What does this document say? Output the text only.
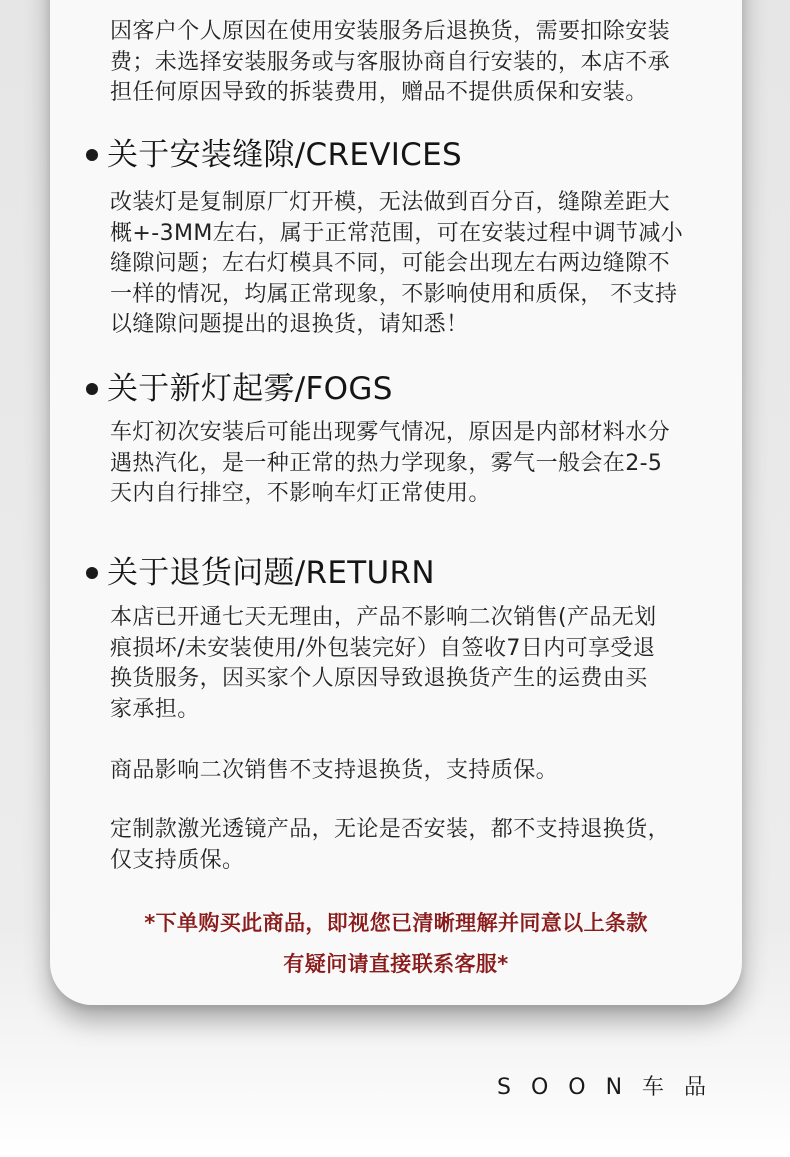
因客户个人原因在使用安装服务后退换货，需要扣除安装
费；未选择安装服务或与客服协商自行安装的，本店不承
担任何原因导致的拆装费用，赠品不提供质保和安装。
关于安装缝隙/CREVICES
改装灯是复制原厂灯开模，无法做到百分百，缝隙差距大
概+-3MM左右，属于正常范围，可在安装过程中调节减小
缝隙问题；左右灯模具不同，可能会出现左右两边缝隙不
一样的情况，均属正常现象，不影响使用和质保， 不支持
以缝隙问题提出的退换货，请知悉！
关于新灯起雾/FOGS
车灯初次安装后可能出现雾气情况，原因是内部材料水分
遇热汽化，是一种正常的热力学现象，雾气一般会在2-5
天内自行排空，不影响车灯正常使用。
关于退货问题/RETURN
本店已开通七天无理由，产品不影响二次销售(产品无划
痕损坏/未安装使用/外包装完好）自签收7日内可享受退
换货服务，因买家个人原因导致退换货产生的运费由买
家承担。
商品影响二次销售不支持退换货，支持质保。
定制款激光透镜产品，无论是否安装，都不支持退换货，
仅支持质保。
*下单购买此商品，即视您已清晰理解并同意以上条款
有疑问请直接联系客服*
SOON车品
